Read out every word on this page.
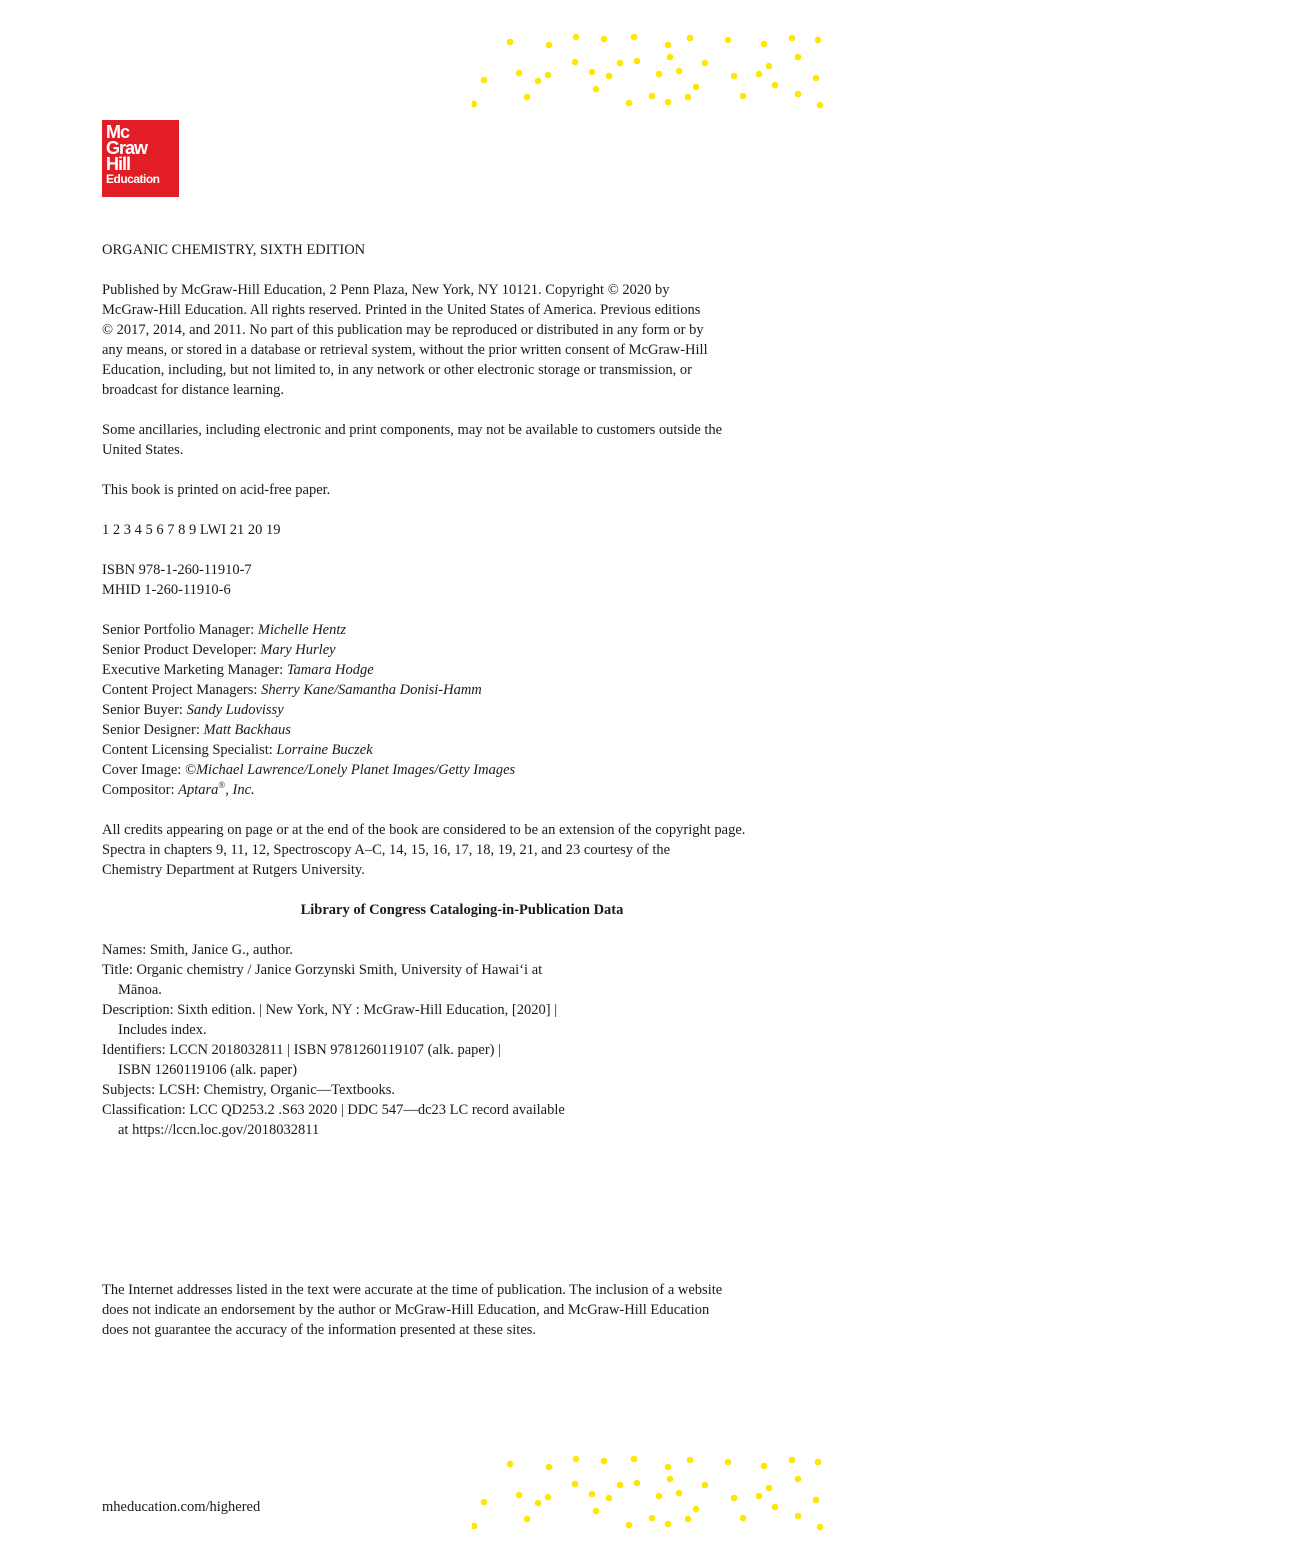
Mc
Graw
Hill
Education
ORGANIC CHEMISTRY, SIXTH EDITION
Published by McGraw-Hill Education, 2 Penn Plaza, New York, NY 10121. Copyright © 2020 by
McGraw-Hill Education. All rights reserved. Printed in the United States of America. Previous editions
© 2017, 2014, and 2011. No part of this publication may be reproduced or distributed in any form or by
any means, or stored in a database or retrieval system, without the prior written consent of McGraw-Hill
Education, including, but not limited to, in any network or other electronic storage or transmission, or
broadcast for distance learning.
Some ancillaries, including electronic and print components, may not be available to customers outside the
United States.
This book is printed on acid-free paper.
1 2 3 4 5 6 7 8 9 LWI 21 20 19
ISBN 978-1-260-11910-7
MHID 1-260-11910-6
Senior Portfolio Manager: Michelle Hentz
Senior Product Developer: Mary Hurley
Executive Marketing Manager: Tamara Hodge
Content Project Managers: Sherry Kane/Samantha Donisi-Hamm
Senior Buyer: Sandy Ludovissy
Senior Designer: Matt Backhaus
Content Licensing Specialist: Lorraine Buczek
Cover Image: ©Michael Lawrence/Lonely Planet Images/Getty Images
Compositor: Aptara®, Inc.
All credits appearing on page or at the end of the book are considered to be an extension of the copyright page.
Spectra in chapters 9, 11, 12, Spectroscopy A–C, 14, 15, 16, 17, 18, 19, 21, and 23 courtesy of the
Chemistry Department at Rutgers University.
Library of Congress Cataloging-in-Publication Data
Names: Smith, Janice G., author.
Title: Organic chemistry / Janice Gorzynski Smith, University of Hawai‘i at
Mānoa.
Description: Sixth edition. | New York, NY : McGraw-Hill Education, [2020] |
Includes index.
Identifiers: LCCN 2018032811 | ISBN 9781260119107 (alk. paper) |
ISBN 1260119106 (alk. paper)
Subjects: LCSH: Chemistry, Organic—Textbooks.
Classification: LCC QD253.2 .S63 2020 | DDC 547—dc23 LC record available
at https://lccn.loc.gov/2018032811
The Internet addresses listed in the text were accurate at the time of publication. The inclusion of a website
does not indicate an endorsement by the author or McGraw-Hill Education, and McGraw-Hill Education
does not guarantee the accuracy of the information presented at these sites.
mheducation.com/highered
